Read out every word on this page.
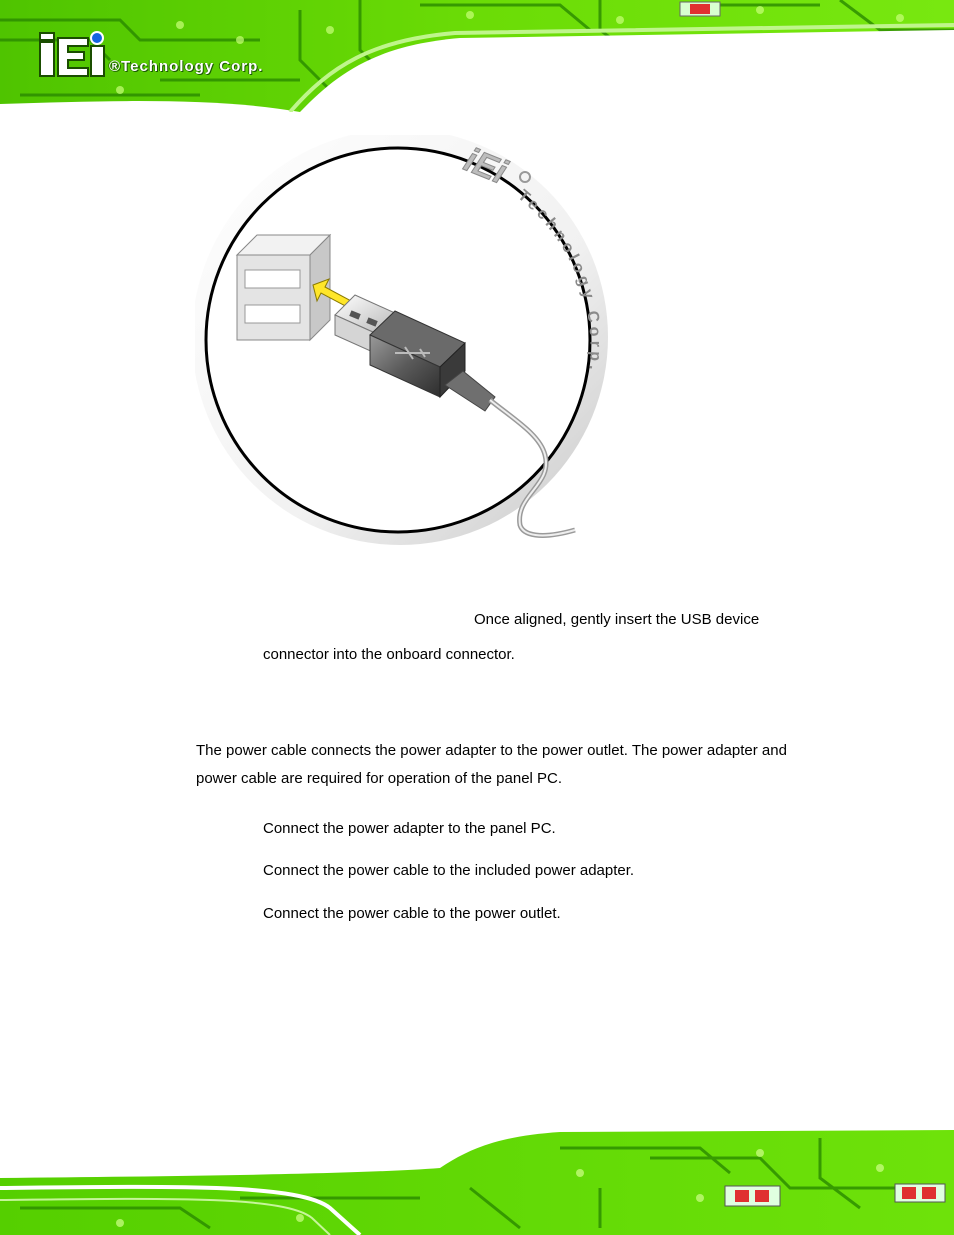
®Technology Corp.
iEi
Technology Corp.
Once aligned, gently insert the USB device
connector into the onboard connector.
The power cable connects the power adapter to the power outlet. The power adapter and
power cable are required for operation of the panel PC.
Connect the power adapter to the panel PC.
Connect the power cable to the included power adapter.
Connect the power cable to the power outlet.
